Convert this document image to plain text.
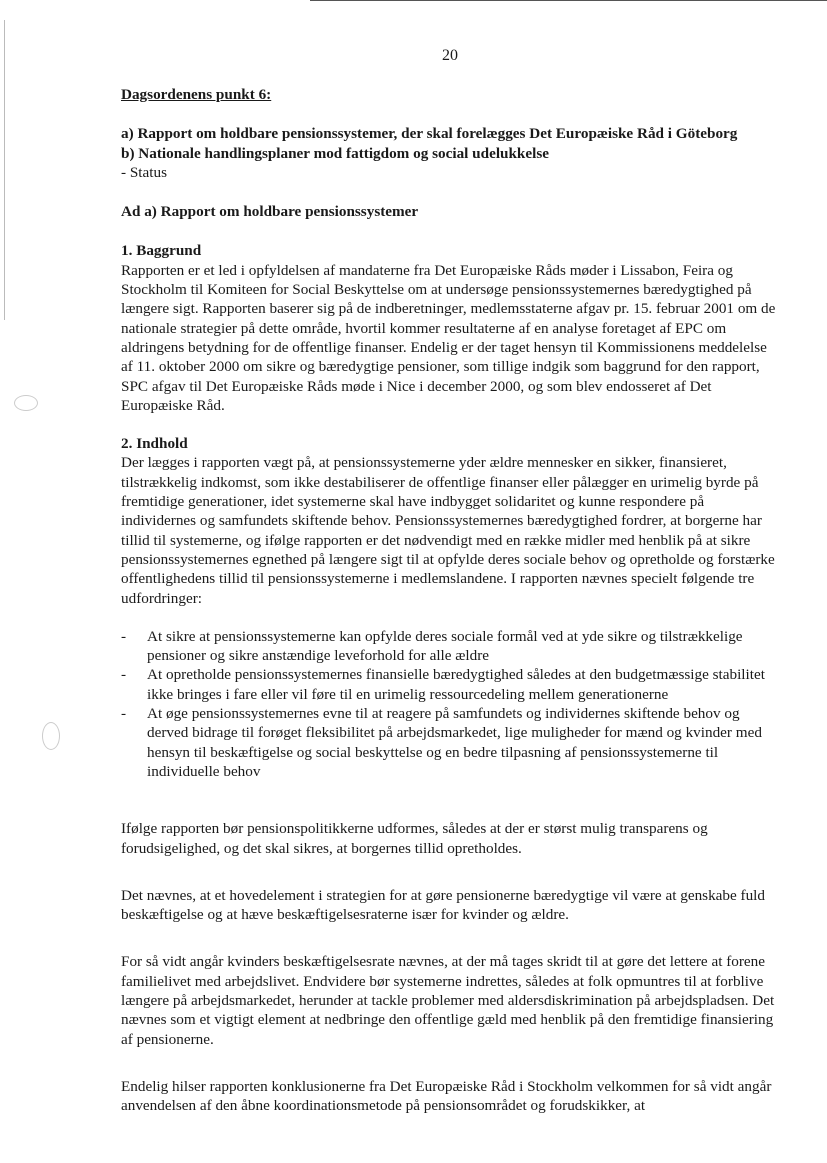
20

Dagsordenens punkt 6:

a) Rapport om holdbare pensionssystemer, der skal forelægges Det Europæiske Råd i Göteborg

b) Nationale handlingsplaner mod fattigdom og social udelukkelse

- Status

Ad a) Rapport om holdbare pensionssystemer

1. Baggrund

Rapporten er et led i opfyldelsen af mandaterne fra Det Europæiske Råds møder i Lissabon, Feira og Stockholm til Komiteen for Social Beskyttelse om at undersøge pensionssystemernes bæredygtighed på længere sigt. Rapporten baserer sig på de indberetninger, medlemsstaterne afgav pr. 15. februar 2001 om de nationale strategier på dette område, hvortil kommer resultaterne af en analyse foretaget af EPC om aldringens betydning for de offentlige finanser. Endelig er der taget hensyn til Kommissionens meddelelse af 11. oktober 2000 om sikre og bæredygtige pensioner, som tillige indgik som baggrund for den rapport, SPC afgav til Det Europæiske Råds møde i Nice i december 2000, og som blev endosseret af Det Europæiske Råd.

2. Indhold

Der lægges i rapporten vægt på, at pensionssystemerne yder ældre mennesker en sikker, finansieret, tilstrækkelig indkomst, som ikke destabiliserer de offentlige finanser eller pålægger en urimelig byrde på fremtidige generationer, idet systemerne skal have indbygget solidaritet og kunne respondere på individernes og samfundets skiftende behov. Pensionssystemernes bæredygtighed fordrer, at borgerne har tillid til systemerne, og ifølge rapporten er det nødvendigt med en række midler med henblik på at sikre pensionssystemernes egnethed på længere sigt til at opfylde deres sociale behov og opretholde og forstærke offentlighedens tillid til pensionssystemerne i medlemslandene. I rapporten nævnes specielt følgende tre udfordringer:

- At sikre at pensionssystemerne kan opfylde deres sociale formål ved at yde sikre og tilstrækkelige pensioner og sikre anstændige leveforhold for alle ældre
- At opretholde pensionssystemernes finansielle bæredygtighed således at den budgetmæssige stabilitet ikke bringes i fare eller vil føre til en urimelig ressourcedeling mellem generationerne
- At øge pensionssystemernes evne til at reagere på samfundets og individernes skiftende behov og derved bidrage til forøget fleksibilitet på arbejdsmarkedet, lige muligheder for mænd og kvinder med hensyn til beskæftigelse og social beskyttelse og en bedre tilpasning af pensionssystemerne til individuelle behov

Ifølge rapporten bør pensionspolitikkerne udformes, således at der er størst mulig transparens og forudsigelighed, og det skal sikres, at borgernes tillid opretholdes.

Det nævnes, at et hovedelement i strategien for at gøre pensionerne bæredygtige vil være at genskabe fuld beskæftigelse og at hæve beskæftigelsesraterne især for kvinder og ældre.

For så vidt angår kvinders beskæftigelsesrate nævnes, at der må tages skridt til at gøre det lettere at forene familielivet med arbejdslivet. Endvidere bør systemerne indrettes, således at folk opmuntres til at forblive længere på arbejdsmarkedet, herunder at tackle problemer med aldersdiskrimination på arbejdspladsen. Det nævnes som et vigtigt element at nedbringe den offentlige gæld med henblik på den fremtidige finansiering af pensionerne.

Endelig hilser rapporten konklusionerne fra Det Europæiske Råd i Stockholm velkommen for så vidt angår anvendelsen af den åbne koordinationsmetode på pensionsområdet og forudskikker, at
